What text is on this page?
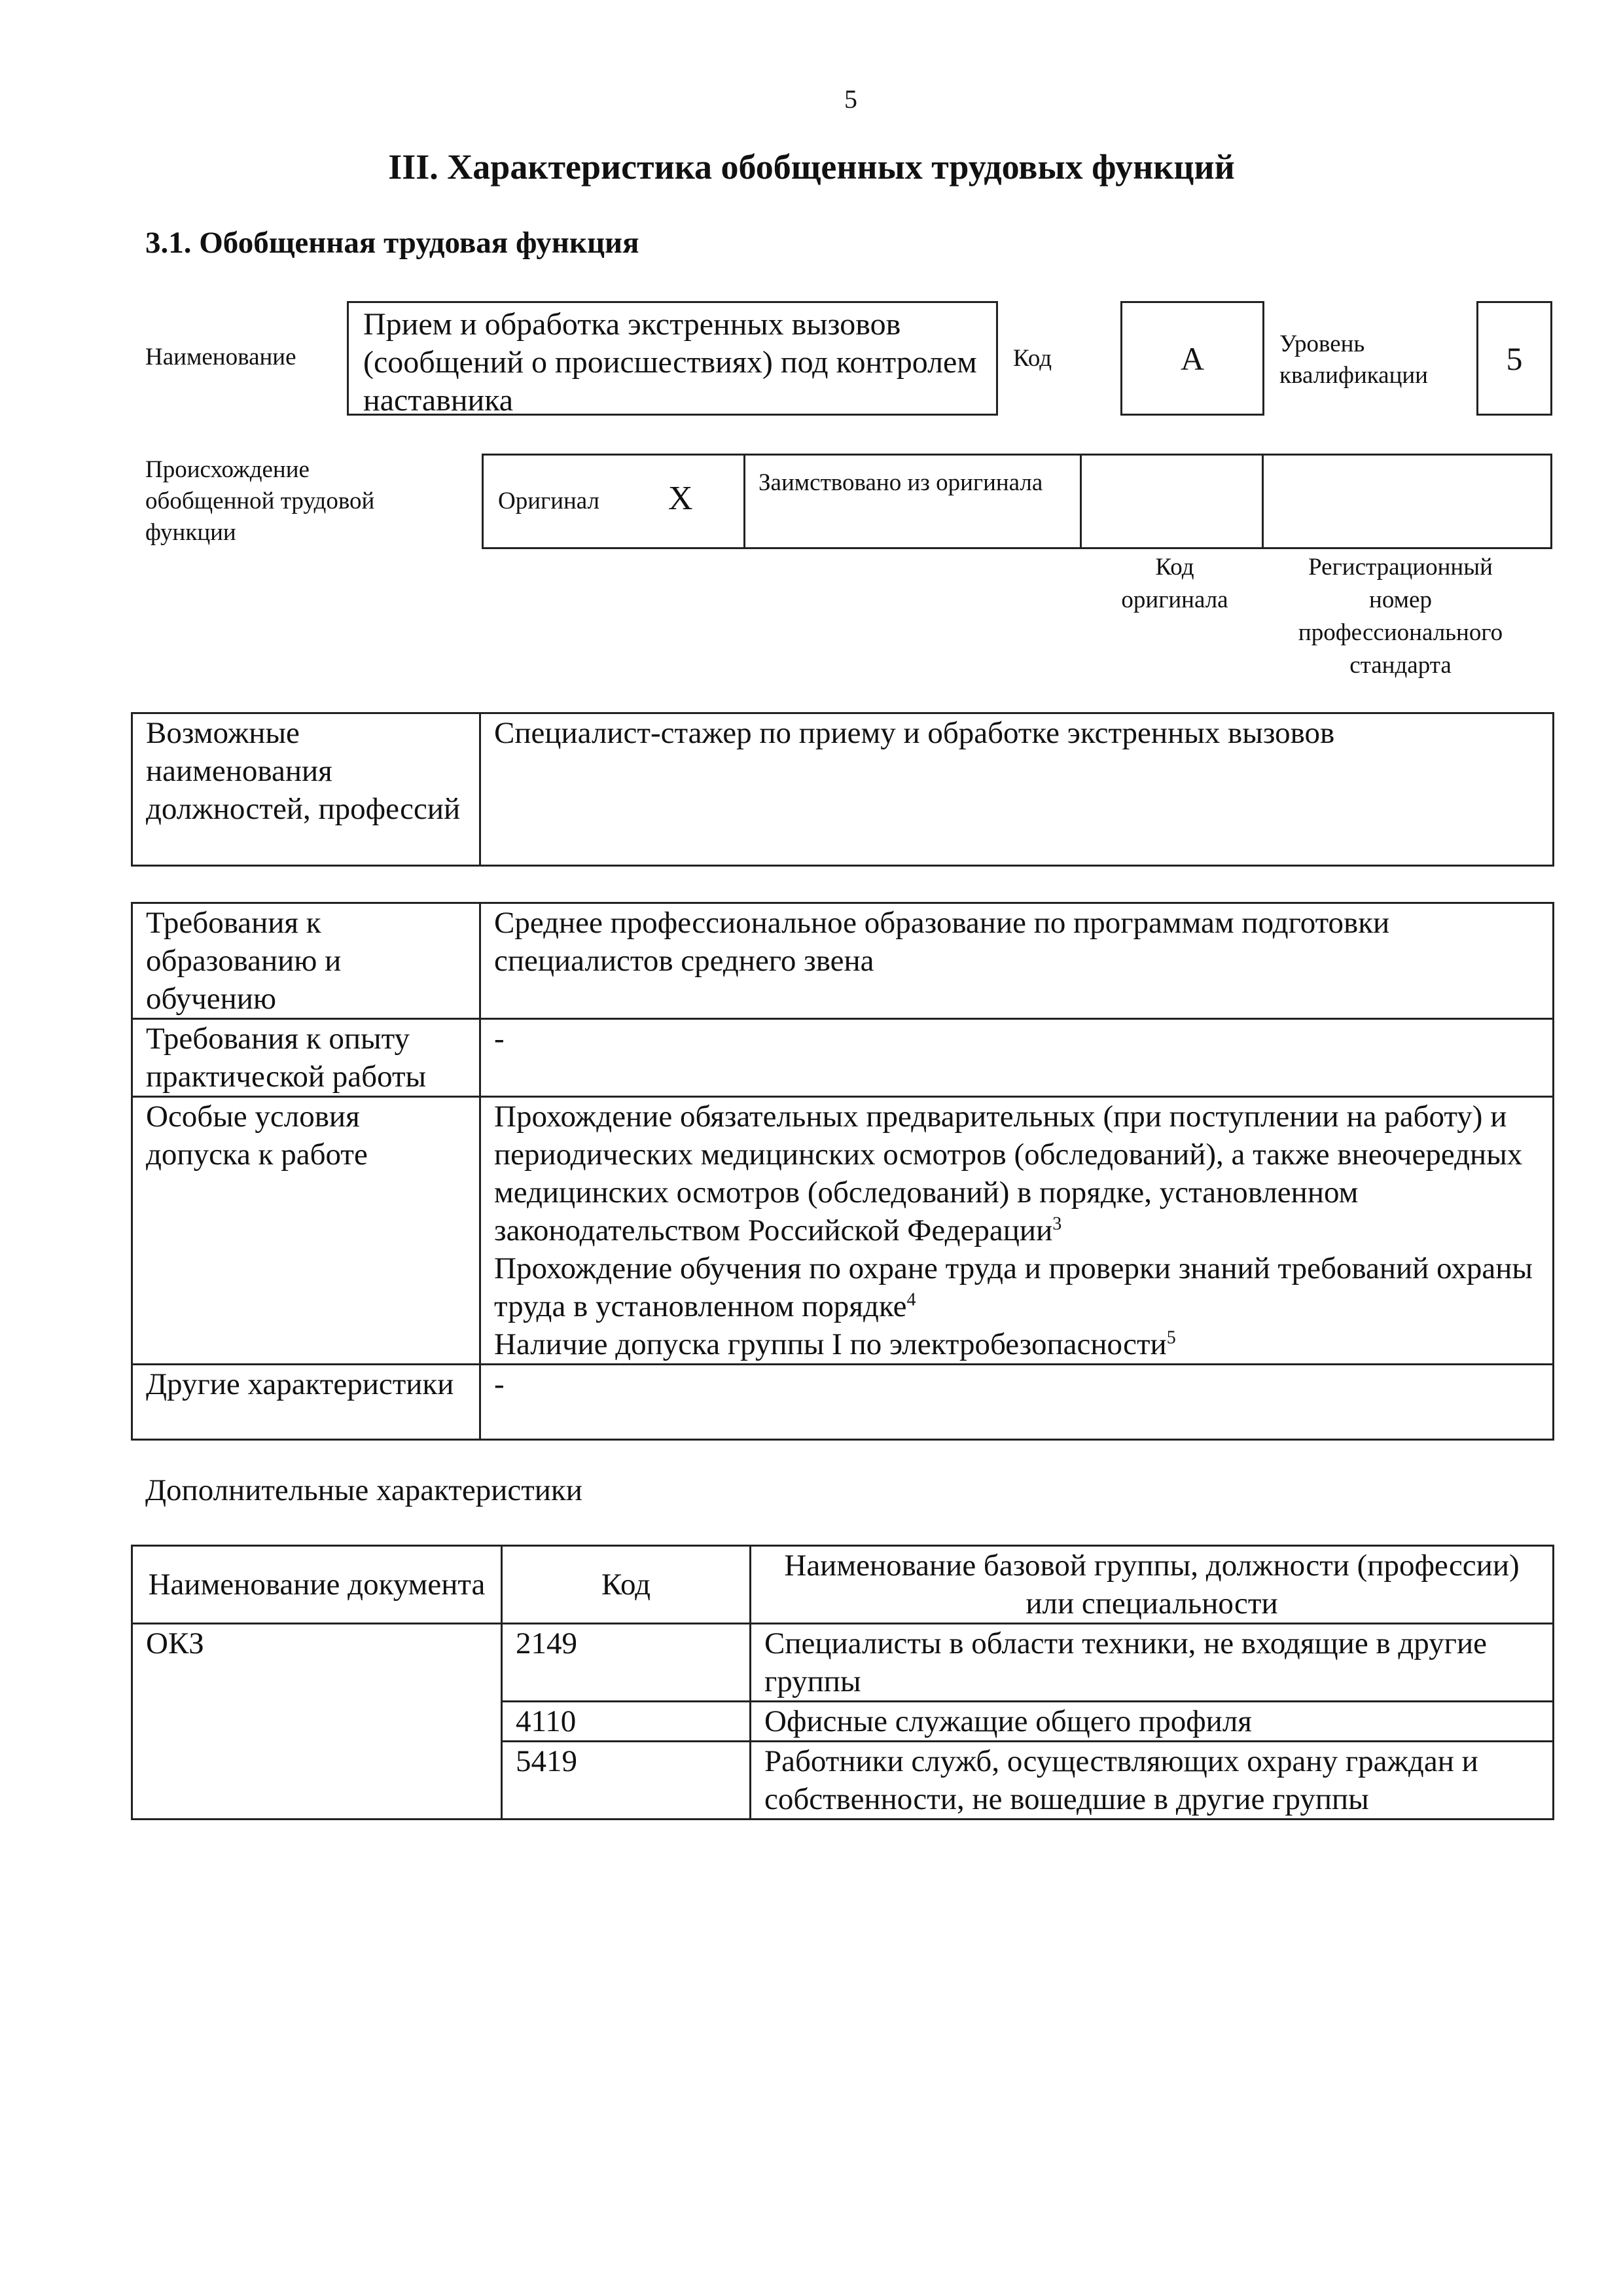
5
III. Характеристика обобщенных трудовых функций
3.1. Обобщенная трудовая функция
Наименование
Прием и обработка экстренных вызовов (сообщений о происшествиях) под контролем наставника
Код	А	Уровень квалификации	5
Происхождение обобщенной трудовой функции
Оригинал X	Заимствовано из оригинала
Код оригинала
Регистрационный номер профессионального стандарта
Возможные наименования должностей, профессий	Специалист-стажер по приему и обработке экстренных вызовов
Требования к образованию и обучению	Среднее профессиональное образование по программам подготовки специалистов среднего звена
Требования к опыту практической работы	-
Особые условия допуска к работе	Прохождение обязательных предварительных (при поступлении на работу) и периодических медицинских осмотров (обследований), а также внеочередных медицинских осмотров (обследований) в порядке, установленном законодательством Российской Федерации$^3$
Прохождение обучения по охране труда и проверки знаний требований охраны труда в установленном порядке$^4$
Наличие допуска группы I по электробезопасности$^5$

Другие характеристики	-
Дополнительные характеристики
Наименование документа	Код	Наименование базовой группы, должности (профессии) или специальности
ОКЗ	2149	Специалисты в области техники, не входящие в другие группы
	4110	Офисные служащие общего профиля
	5419	Работники служб, осуществляющих охрану граждан и собственности, не вошедшие в другие группы
